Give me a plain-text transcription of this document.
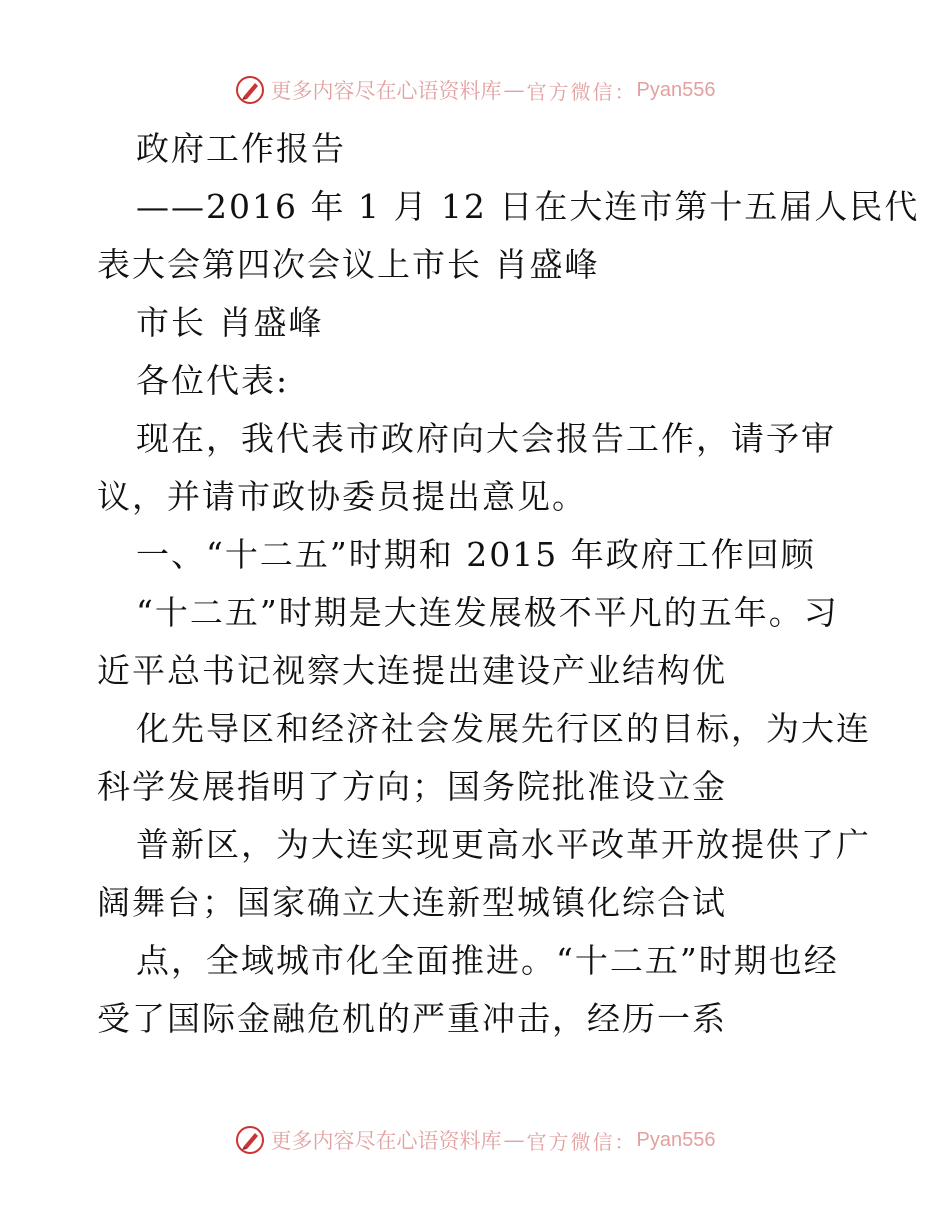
更多内容尽在心语资料库 — 官方微信： Pyan556
政府工作报告
——2016 年 1 月 12 日在大连市第十五届人民代
表大会第四次会议上市长 肖盛峰
市长 肖盛峰
各位代表:
现在，我代表市政府向大会报告工作，请予审
议，并请市政协委员提出意见。
一、“十二五”时期和 2015 年政府工作回顾
“十二五”时期是大连发展极不平凡的五年。习
近平总书记视察大连提出建设产业结构优
化先导区和经济社会发展先行区的目标，为大连
科学发展指明了方向；国务院批准设立金
普新区，为大连实现更高水平改革开放提供了广
阔舞台；国家确立大连新型城镇化综合试
点，全域城市化全面推进。“十二五”时期也经
受了国际金融危机的严重冲击，经历一系
更多内容尽在心语资料库 — 官方微信： Pyan556
